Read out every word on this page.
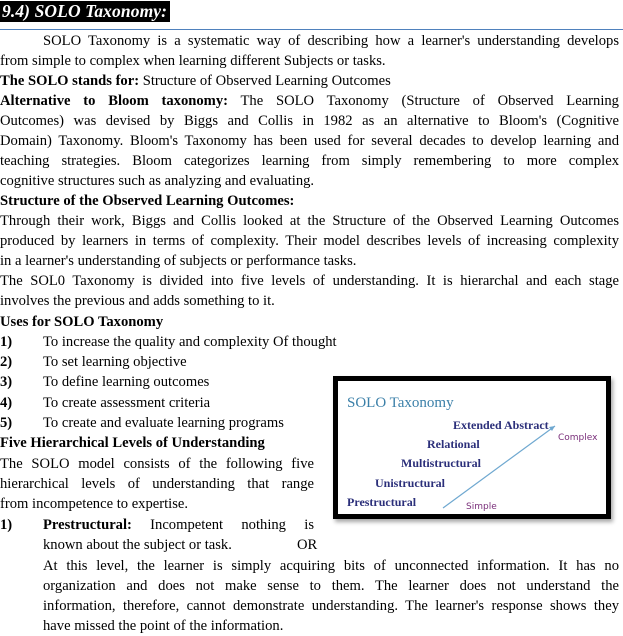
9.4) SOLO Taxonomy:
SOLO Taxonomy is a systematic way of describing how a learner's understanding develops
from simple to complex when learning different Subjects or tasks.
The SOLO stands for: Structure of Observed Learning Outcomes
Alternative to Bloom taxonomy: The SOLO Taxonomy (Structure of Observed Learning
Outcomes) was devised by Biggs and Collis in 1982 as an alternative to Bloom's (Cognitive
Domain) Taxonomy. Bloom's Taxonomy has been used for several decades to develop learning and
teaching strategies. Bloom categorizes learning from simply remembering to more complex
cognitive structures such as analyzing and evaluating.
Structure of the Observed Learning Outcomes:
Through their work, Biggs and Collis looked at the Structure of the Observed Learning Outcomes
produced by learners in terms of complexity. Their model describes levels of increasing complexity
in a learner's understanding of subjects or performance tasks.
The SOL0 Taxonomy is divided into five levels of understanding. It is hierarchal and each stage
involves the previous and adds something to it.
Uses for SOLO Taxonomy
1) To increase the quality and complexity Of thought
2) To set learning objective
3) To define learning outcomes
4) To create assessment criteria
5) To create and evaluate learning programs
Five Hierarchical Levels of Understanding
The SOLO model consists of the following five
hierarchical levels of understanding that range
from incompetence to expertise.
1) Prestructural: Incompetent nothing is
known about the subject or task.	OR
At this level, the learner is simply acquiring bits of unconnected information. It has no
organization and does not make sense to them. The learner does not understand the
information, therefore, cannot demonstrate understanding. The learner's response shows they
have missed the point of the information.
SOLO Taxonomy
Extended Abstract
Relational
Multistructural
Unistructural
Prestructural
Complex
Simple
